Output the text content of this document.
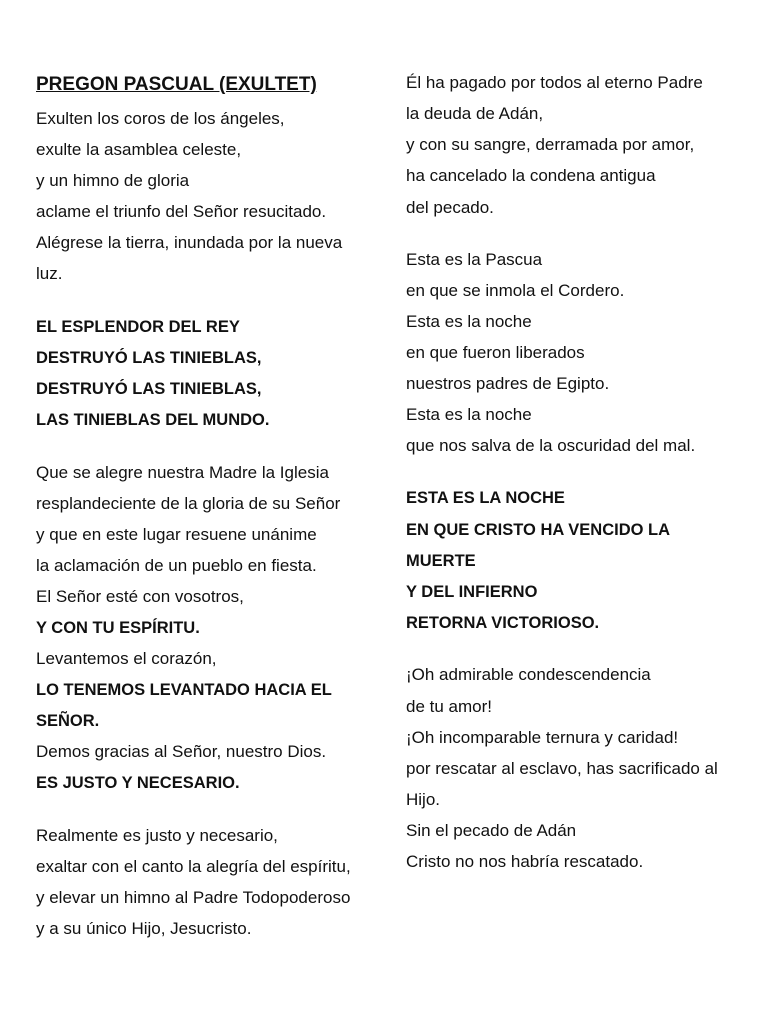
PREGON PASCUAL (EXULTET)
Exulten los coros de los ángeles,
exulte la asamblea celeste,
y un himno de gloria
aclame el triunfo del Señor resucitado.
Alégrese la tierra, inundada por la nueva
luz.
EL ESPLENDOR DEL REY
DESTRUYÓ LAS TINIEBLAS,
DESTRUYÓ LAS TINIEBLAS,
LAS TINIEBLAS DEL MUNDO.
Que se alegre nuestra Madre la Iglesia
resplandeciente de la gloria de su Señor
y que en este lugar resuene unánime
la aclamación de un pueblo en fiesta.
El Señor esté con vosotros,
Y CON TU ESPÍRITU.
Levantemos el corazón,
LO TENEMOS LEVANTADO HACIA EL
SEÑOR.
Demos gracias al Señor, nuestro Dios.
ES JUSTO Y NECESARIO.
Realmente es justo y necesario,
exaltar con el canto la alegría del espíritu,
y elevar un himno al Padre Todopoderoso
y a su único Hijo, Jesucristo.
Él ha pagado por todos al eterno Padre
la deuda de Adán,
y con su sangre, derramada por amor,
ha cancelado la condena antigua
del pecado.
Esta es la Pascua
en que se inmola el Cordero.
Esta es la noche
en que fueron liberados
nuestros padres de Egipto.
Esta es la noche
que nos salva de la oscuridad del mal.
ESTA ES LA NOCHE
EN QUE CRISTO HA VENCIDO LA
MUERTE
Y DEL INFIERNO
RETORNA VICTORIOSO.
¡Oh admirable condescendencia
de tu amor!
¡Oh incomparable ternura y caridad!
por rescatar al esclavo, has sacrificado al
Hijo.
Sin el pecado de Adán
Cristo no nos habría rescatado.
